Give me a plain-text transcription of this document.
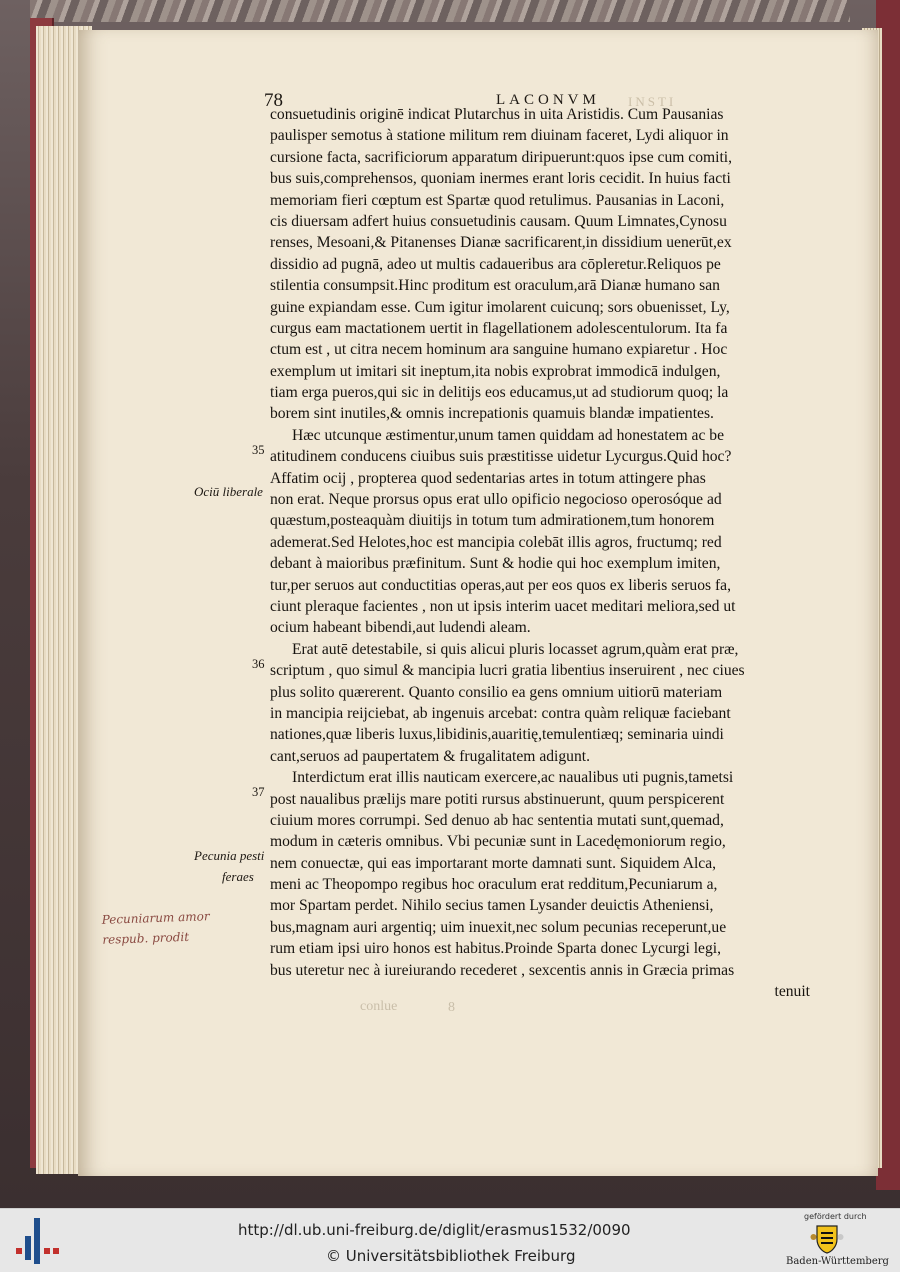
78	LACONVM INSTI
consuetudinis originē indicat Plutarchus in uita Aristidis. Cum Pausanias
paulisper semotus à statione militum rem diuinam faceret, Lydi aliquor in
cursione facta, sacrificiorum apparatum diripuerunt:quos ipse cum comiti,
bus suis,comprehensos, quoniam inermes erant loris cecidit. In huius facti
memoriam fieri cœptum est Spartæ quod retulimus. Pausanias in Laconi,
cis diuersam adfert huius consuetudinis causam. Quum Limnates,Cynosu
renses, Mesoani,& Pitanenses Dianæ sacrificarent,in dissidium uenerūt,ex
dissidio ad pugnā, adeo ut multis cadaueribus ara cōpleretur.Reliquos pe
stilentia consumpsit.Hinc proditum est oraculum,arā Dianæ humano san
guine expiandam esse. Cum igitur imolarent cuicunq; sors obuenisset, Ly,
curgus eam mactationem uertit in flagellationem adolescentulorum. Ita fa
ctum est , ut citra necem hominum ara sanguine humano expiaretur . Hoc
exemplum ut imitari sit ineptum,ita nobis exprobrat immodicā indulgen,
tiam erga pueros,qui sic in delitijs eos educamus,ut ad studiorum quoq; la
borem sint inutiles,& omnis increpationis quamuis blandæ impatientes.
Hæc utcunque æstimentur,unum tamen quiddam ad honestatem ac be
atitudinem conducens ciuibus suis præstitisse uidetur Lycurgus.Quid hoc?
Affatim ocij , propterea quod sedentarias artes in totum attingere phas
non erat. Neque prorsus opus erat ullo opificio negocioso operosóque ad
quæstum,posteaquàm diuitijs in totum tum admirationem,tum honorem
ademerat.Sed Helotes,hoc est mancipia colebāt illis agros, fructumq; red
debant à maioribus præfinitum. Sunt & hodie qui hoc exemplum imiten,
tur,per seruos aut conductitias operas,aut per eos quos ex liberis seruos fa,
ciunt pleraque facientes , non ut ipsis interim uacet meditari meliora,sed ut
ocium habeant bibendi,aut ludendi aleam.
Erat autē detestabile, si quis alicui pluris locasset agrum,quàm erat præ,
scriptum , quo simul & mancipia lucri gratia libentius inseruirent , nec ciues
plus solito quærerent. Quanto consilio ea gens omnium uitiorū materiam
in mancipia reijciebat, ab ingenuis arcebat: contra quàm reliquæ faciebant
nationes,quæ liberis luxus,libidinis,auaritię,temulentiæq; seminaria uindi
cant,seruos ad paupertatem & frugalitatem adigunt.
Interdictum erat illis nauticam exercere,ac naualibus uti pugnis,tametsi
post naualibus prælijs mare potiti rursus abstinuerunt, quum perspicerent
ciuium mores corrumpi. Sed denuo ab hac sententia mutati sunt,quemad,
modum in cæteris omnibus. Vbi pecuniæ sunt in Lacedęmoniorum regio,
nem conuectæ, qui eas importarant morte damnati sunt. Siquidem Alca,
meni ac Theopompo regibus hoc oraculum erat redditum,Pecuniarum a,
mor Spartam perdet. Nihilo secius tamen Lysander deuictis Atheniensi,
bus,magnam auri argentiq; uim inuexit,nec solum pecunias receperunt,ue
rum etiam ipsi uiro honos est habitus.Proinde Sparta donec Lycurgi legi,
bus uteretur nec à iureiurando recederet , sexcentis annis in Græcia primas
tenuit
35
36
37
Ociū liberale
Pecunia pesti
feraes
Pecuniarum amor
respub. prodit
conlue	8
http://dl.ub.uni-freiburg.de/diglit/erasmus1532/0090
© Universitätsbibliothek Freiburg
gefördert durch
Baden-Württemberg
